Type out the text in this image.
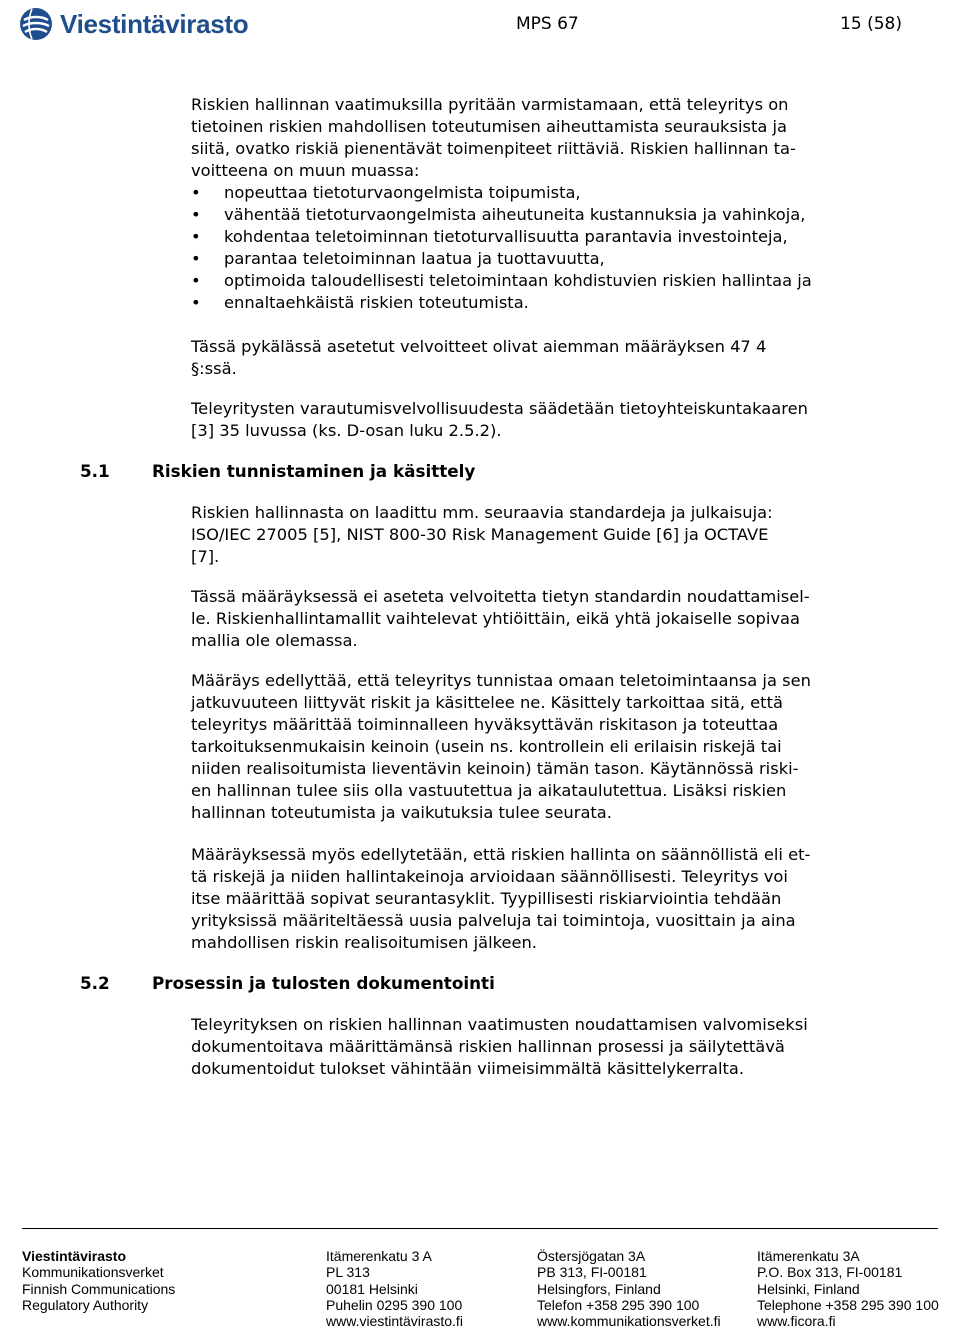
Viestintävirasto	MPS 67	15 (58)

Riskien hallinnan vaatimuksilla pyritään varmistamaan, että teleyritys on
tietoinen riskien mahdollisen toteutumisen aiheuttamista seurauksista ja
siitä, ovatko riskiä pienentävät toimenpiteet riittäviä. Riskien hallinnan ta-
voitteena on muun muassa:

• nopeuttaa tietoturvaongelmista toipumista,
• vähentää tietoturvaongelmista aiheutuneita kustannuksia ja vahinkoja,
• kohdentaa teletoiminnan tietoturvallisuutta parantavia investointeja,
• parantaa teletoiminnan laatua ja tuottavuutta,
• optimoida taloudellisesti teletoimintaan kohdistuvien riskien hallintaa ja
• ennaltaehkäistä riskien toteutumista.

Tässä pykälässä asetetut velvoitteet olivat aiemman määräyksen 47 4
§:ssä.

Teleyritysten varautumisvelvollisuudesta säädetään tietoyhteiskuntakaaren
[3] 35 luvussa (ks. D-osan luku 2.5.2).

5.1	Riskien tunnistaminen ja käsittely

Riskien hallinnasta on laadittu mm. seuraavia standardeja ja julkaisuja:
ISO/IEC 27005 [5], NIST 800-30 Risk Management Guide [6] ja OCTAVE
[7].

Tässä määräyksessä ei aseteta velvoitetta tietyn standardin noudattamisel-
le. Riskienhallintamallit vaihtelevat yhtiöittäin, eikä yhtä jokaiselle sopivaa
mallia ole olemassa.

Määräys edellyttää, että teleyritys tunnistaa omaan teletoimintaansa ja sen
jatkuvuuteen liittyvät riskit ja käsittelee ne. Käsittely tarkoittaa sitä, että
teleyritys määrittää toiminnalleen hyväksyttävän riskitason ja toteuttaa
tarkoituksenmukaisin keinoin (usein ns. kontrollein eli erilaisin riskejä tai
niiden realisoitumista lieventävin keinoin) tämän tason. Käytännössä riski-
en hallinnan tulee siis olla vastuutettua ja aikataulutettua. Lisäksi riskien
hallinnan toteutumista ja vaikutuksia tulee seurata.

Määräyksessä myös edellytetään, että riskien hallinta on säännöllistä eli et-
tä riskejä ja niiden hallintakeinoja arvioidaan säännöllisesti. Teleyritys voi
itse määrittää sopivat seurantasyklit. Tyypillisesti riskiarviointia tehdään
yrityksissä määriteltäessä uusia palveluja tai toimintoja, vuosittain ja aina
mahdollisen riskin realisoitumisen jälkeen.

5.2	Prosessin ja tulosten dokumentointi

Teleyrityksen on riskien hallinnan vaatimusten noudattamisen valvomiseksi
dokumentoitava määrittämänsä riskien hallinnan prosessi ja säilytettävä
dokumentoidut tulokset vähintään viimeisimmältä käsittelykerralta.

Viestintävirasto
Kommunikationsverket
Finnish Communications
Regulatory Authority
Itämerenkatu 3 A
PL 313
00181 Helsinki
Puhelin 0295 390 100
www.viestintävirasto.fi
Östersjögatan 3A
PB 313, FI-00181
Helsingfors, Finland
Telefon +358 295 390 100
www.kommunikationsverket.fi
Itämerenkatu 3A
P.O. Box 313, FI-00181
Helsinki, Finland
Telephone +358 295 390 100
www.ficora.fi
